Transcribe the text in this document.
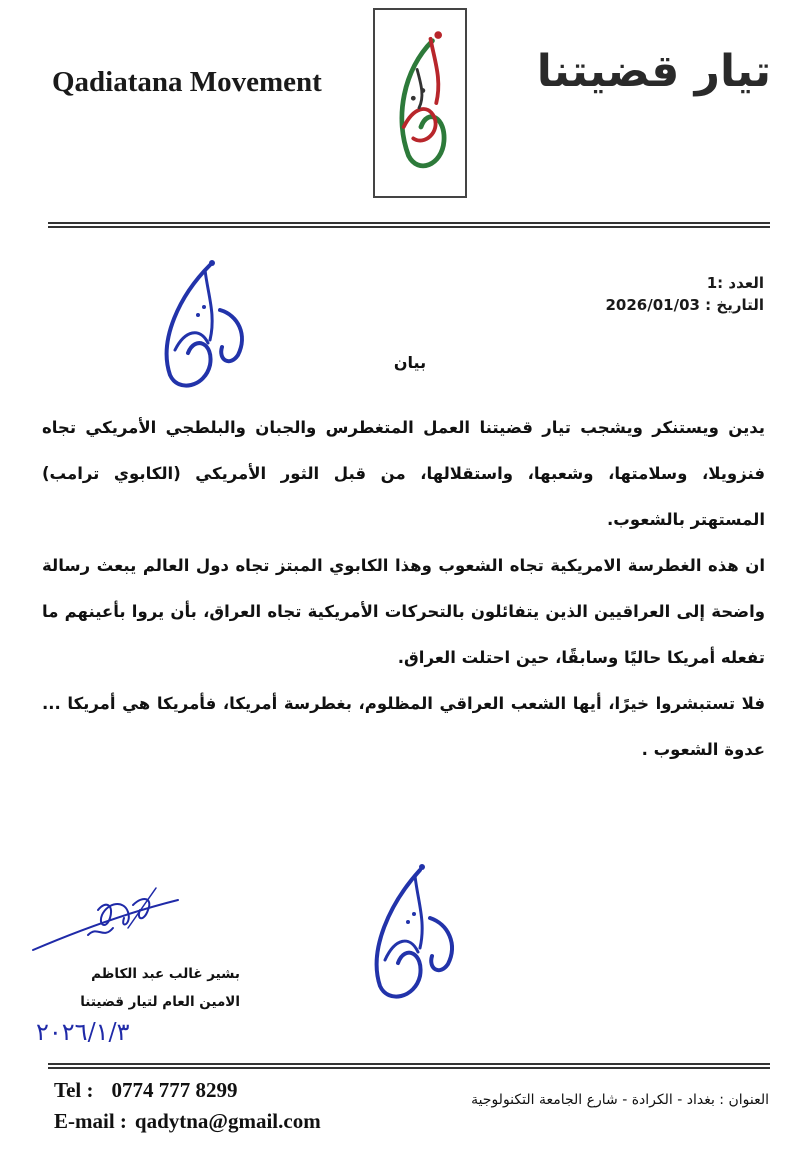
Qadiatana Movement	تيار قضيتنا
العدد :1
التاريخ : 2026/01/03
بيان

يدين ويستنكر ويشجب تيار قضيتنا العمل المتغطرس والجبان والبلطجي الأمريكي تجاه فنزويلا، وسلامتها، وشعبها، واستقلالها، من قبل الثور الأمريكي (الكابوي ترامب) المستهتر بالشعوب.

ان هذه الغطرسة الامريكية تجاه الشعوب وهذا الكابوي المبتز تجاه دول العالم يبعث رسالة واضحة إلى العراقيين الذين يتفائلون بالتحركات الأمريكية تجاه العراق، بأن يروا بأعينهم ما تفعله أمريكا حاليًا وسابقًا، حين احتلت العراق.

فلا تستبشروا خيرًا، أيها الشعب العراقي المظلوم، بغطرسة أمريكا، فأمريكا هي أمريكا ... عدوة الشعوب .

بشير غالب عبد الكاظم
الامين العام لتيار قضيتنا
٢٠٢٦/١/٣
Tel : 0774 777 8299
E-mail : qadytna@gmail.com
العنوان : بغداد - الكرادة - شارع الجامعة التكنولوجية
